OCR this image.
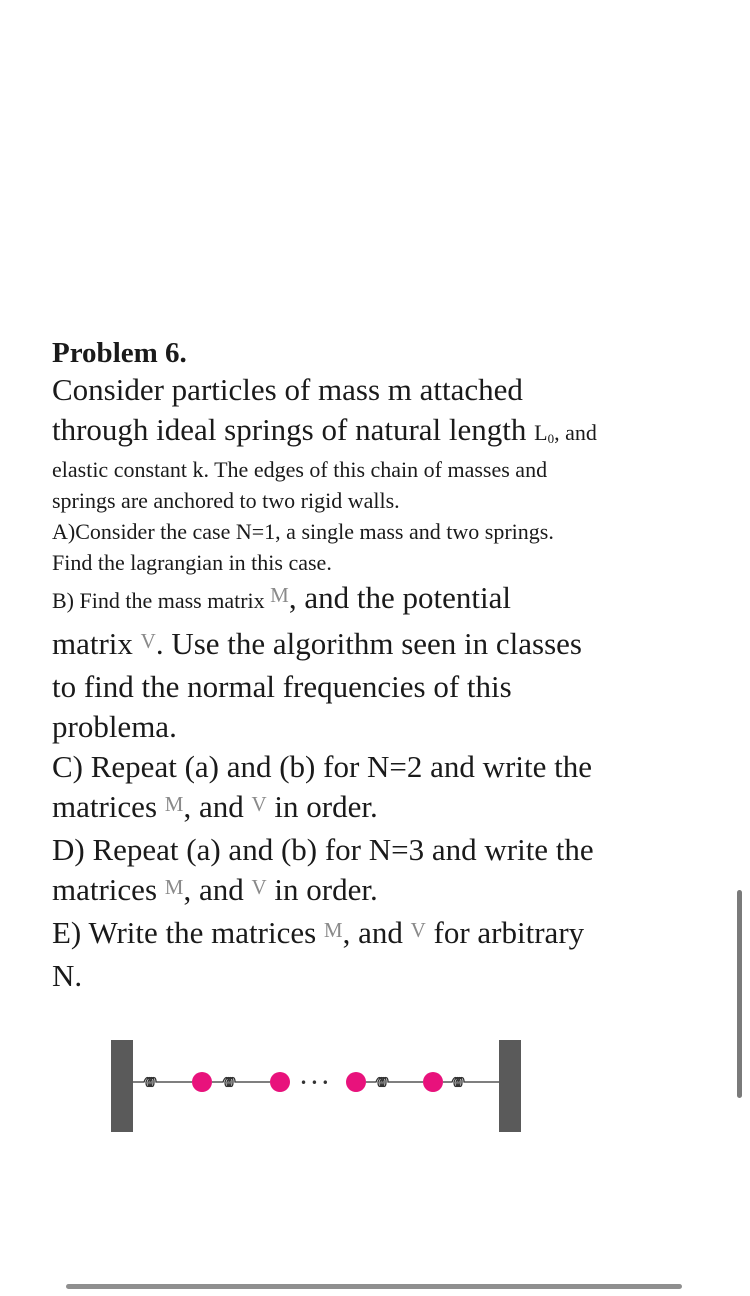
Problem 6.

Consider particles of mass m attached
through ideal springs of natural length $L_0$, and
elastic constant k. The edges of this chain of masses and
springs are anchored to two rigid walls.
A)Consider the case N=1, a single mass and two springs.
Find the lagrangian in this case.
B) Find the mass matrix M, and the potential
matrix V. Use the algorithm seen in classes
to find the normal frequencies of this
problema.
C) Repeat (a) and (b) for N=2 and write the
matrices M, and V in order.
D) Repeat (a) and (b) for N=3 and write the
matrices M, and V in order.
E) Write the matrices M, and V for arbitrary
N.
• • •
